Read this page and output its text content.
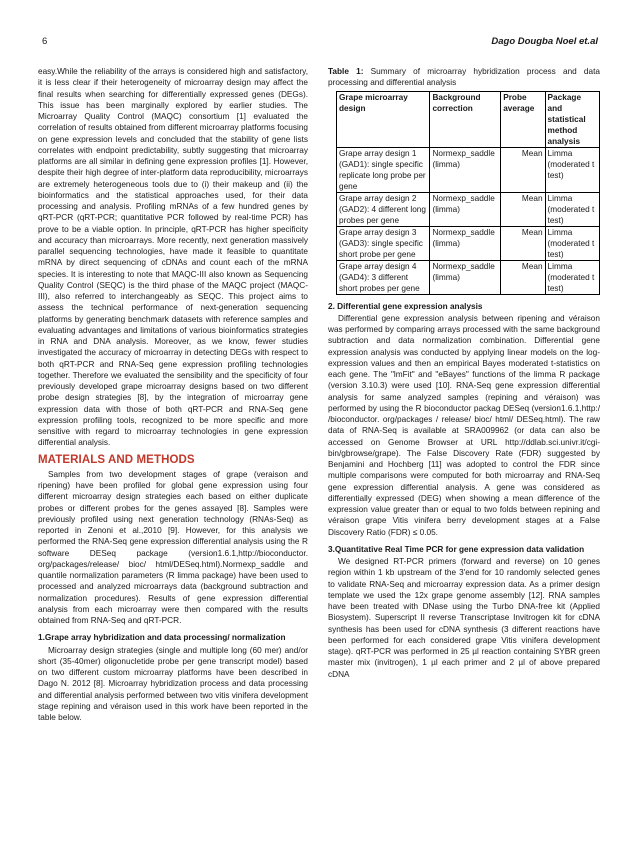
6	Dago Dougba Noel et.al

easy.While the reliability of the arrays is considered high and satisfactory, it is less clear if their heterogeneity of microarray design may affect the final results when searching for differentially expressed genes (DEGs). This issue has been marginally explored by earlier studies. The Microarray Quality Control (MAQC) consortium [1] evaluated the correlation of results obtained from different microarray platforms focusing on gene expression levels and concluded that the stability of gene lists correlates with endpoint predictability, subtly suggesting that microarray platforms are all similar in defining gene expression profiles [1]. However, despite their high degree of inter-platform data reproducibility, microarrays are extremely heterogeneous tools due to (i) their makeup and (ii) the bioinformatics and the statistical approaches used, for their data processing and analysis. Profiling mRNAs of a few hundred genes by qRT-PCR (qRT-PCR; quantitative PCR followed by real-time PCR) has prove to be a viable option. In principle, qRT-PCR has higher specificity and accuracy than microarrays. More recently, next generation massively parallel sequencing technologies, have made it feasible to quantitate mRNA by direct sequencing of cDNAs and count each of the mRNA species. It is interesting to note that MAQC-III also known as Sequencing Quality Control (SEQC) is the third phase of the MAQC project (MAQC-III), also referred to interchangeably as SEQC. This project aims to assess the technical performance of next-generation sequencing platforms by generating benchmark datasets with reference samples and evaluating advantages and limitations of various bioinformatics strategies in RNA and DNA analysis. Moreover, as we know, fewer studies investigated the accuracy of microarray in detecting DEGs with respect to both qRT-PCR and RNA-Seq gene expression profiling technologies together. Therefore we evaluated the sensibility and the specificity of four previously developed grape microarray designs based on two different probe design strategies [8], by the integration of microarray gene expression data with those of both qRT-PCR and RNA-Seq gene expression profiling tools, recognized to be more specific and more sensitive with regard to microarray technologies in gene expression differential analysis.

MATERIALS AND METHODS

Samples from two development stages of grape (veraison and ripening) have been profiled for global gene expression using four different microarray design strategies each based on either duplicate probes or different probes for the genes assayed [8]. Samples were previously profiled using next generation technology (RNAs-Seq) as reported in Zenoni et al.,2010 [9]. However, for this analysis we performed the RNA-Seq gene expression differential analysis using the R software DESeq package (version1.6.1,http://bioconductor. org/packages/release/ bioc/ html/DESeq.html).Normexp_saddle and quantile normalization parameters (R limma package) have been used to processed and analyzed microarrays data (background subtraction and normalization procedures). Results of gene expression differential analysis from each microarray were then compared with the results obtained from RNA-Seq and qRT-PCR.

1.Grape array hybridization and data processing/ normalization

Microarray design strategies (single and multiple long (60 mer) and/or short (35-40mer) oligonucletide probe per gene transcript model) based on two different custom microarray platforms have been described in Dago N. 2012 [8]. Microarray hybridization process and data processing and differential analysis performed between two vitis vinifera development stage repining and véraison used in this work have been reported in the table below.

Table 1: Summary of microarray hybridization process and data processing and differential analysis

Grape microarray design	Background correction	Probe average	Package and statistical method analysis
Grape array design 1 (GAD1): single specific replicate long probe per gene	Normexp_saddle (limma)	Mean	Limma (moderated t test)
Grape array design 2 (GAD2): 4 different long probes per gene	Normexp_saddle (limma)	Mean	Limma (moderated t test)
Grape array design 3 (GAD3): single specific short probe per gene	Normexp_saddle (limma)	Mean	Limma (moderated t test)
Grape array design 4 (GAD4): 3 different short probes per gene	Normexp_saddle (limma)	Mean	Limma (moderated t test)
2. Differential gene expression analysis

Differential gene expression analysis between ripening and véraison was performed by comparing arrays processed with the same background subtraction and data normalization combination. Differential gene expression analysis was conducted by applying linear models on the log-expression values and then an empirical Bayes moderated t-statistics on each gene. The "lmFit" and "eBayes" functions of the limma R package (version 3.10.3) were used [10]. RNA-Seq gene expression differential analysis for same analyzed samples (repining and véraison) was performed by using the R bioconductor packag DESeq (version1.6.1,http:/ /bioconductor. org/packages / release/ bioc/ html/ DESeq.html). The raw data of RNA-Seq is available at SRA009962 (or data can also be accessed on Genome Browser at URL http://ddlab.sci.univr.it/cgi-bin/gbrowse/grape). The False Discovery Rate (FDR) suggested by Benjamini and Hochberg [11] was adopted to control the FDR since multiple comparisons were computed for both microarray and RNA-Seq gene expression differential analysis. A gene was considered as differentially expressed (DEG) when showing a mean difference of the expression value greater than or equal to two folds between repining and véraison grape Vitis vinifera berry development stages at a False Discovery Ratio (FDR) ≤ 0.05.

3.Quantitative Real Time PCR for gene expression data validation

We designed RT-PCR primers (forward and reverse) on 10 genes region within 1 kb upstream of the 3'end for 10 randomly selected genes to validate RNA-Seq and microarray expression data. As a primer design template we used the 12x grape genome assembly [12]. RNA samples have been treated with DNase using the Turbo DNA-free kit (Applied Biosystem). Superscript II reverse Transcriptase Invitrogen kit for cDNA synthesis has been used for cDNA synthesis (3 different reactions have been performed for each considered grape Vitis vinifera development stage). qRT-PCR was performed in 25 µl reaction containing SYBR green master mix (invitrogen), 1 µl each primer and 2 µl of above prepared cDNA
